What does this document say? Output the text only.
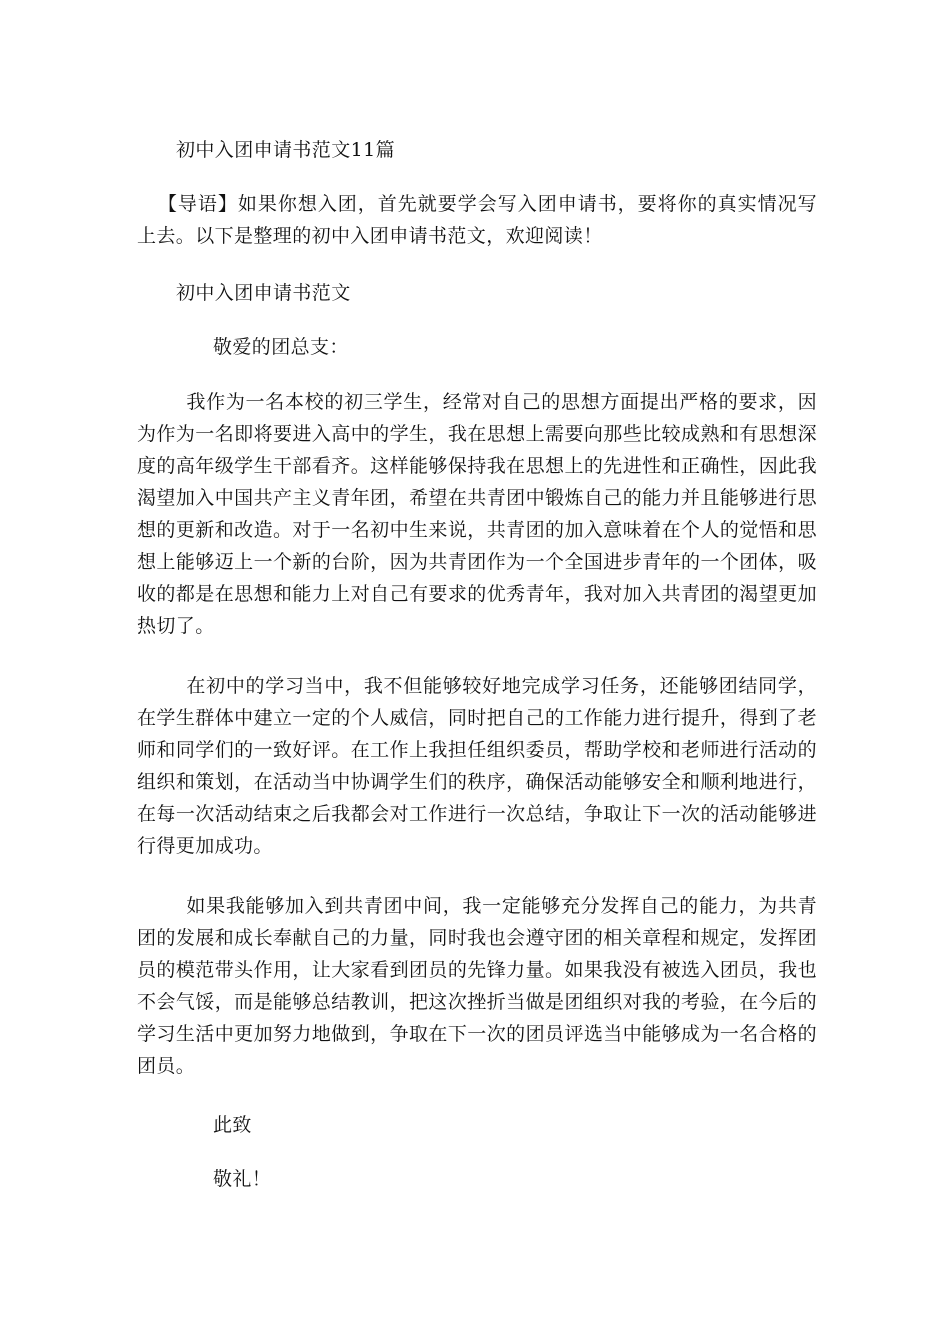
初中入团申请书范文11篇
【导语】如果你想入团，首先就要学会写入团申请书，要将你的真实情况写上去。以下是整理的初中入团申请书范文，欢迎阅读！
初中入团申请书范文
敬爱的团总支：
我作为一名本校的初三学生，经常对自己的思想方面提出严格的要求，因为作为一名即将要进入高中的学生，我在思想上需要向那些比较成熟和有思想深度的高年级学生干部看齐。这样能够保持我在思想上的先进性和正确性，因此我渴望加入中国共产主义青年团，希望在共青团中锻炼自己的能力并且能够进行思想的更新和改造。对于一名初中生来说，共青团的加入意味着在个人的觉悟和思想上能够迈上一个新的台阶，因为共青团作为一个全国进步青年的一个团体，吸收的都是在思想和能力上对自己有要求的优秀青年，我对加入共青团的渴望更加热切了。
在初中的学习当中，我不但能够较好地完成学习任务，还能够团结同学，在学生群体中建立一定的个人威信，同时把自己的工作能力进行提升，得到了老师和同学们的一致好评。在工作上我担任组织委员，帮助学校和老师进行活动的组织和策划，在活动当中协调学生们的秩序，确保活动能够安全和顺利地进行，在每一次活动结束之后我都会对工作进行一次总结，争取让下一次的活动能够进行得更加成功。
如果我能够加入到共青团中间，我一定能够充分发挥自己的能力，为共青团的发展和成长奉献自己的力量，同时我也会遵守团的相关章程和规定，发挥团员的模范带头作用，让大家看到团员的先锋力量。如果我没有被选入团员，我也不会气馁，而是能够总结教训，把这次挫折当做是团组织对我的考验，在今后的学习生活中更加努力地做到，争取在下一次的团员评选当中能够成为一名合格的团员。
此致
敬礼！
